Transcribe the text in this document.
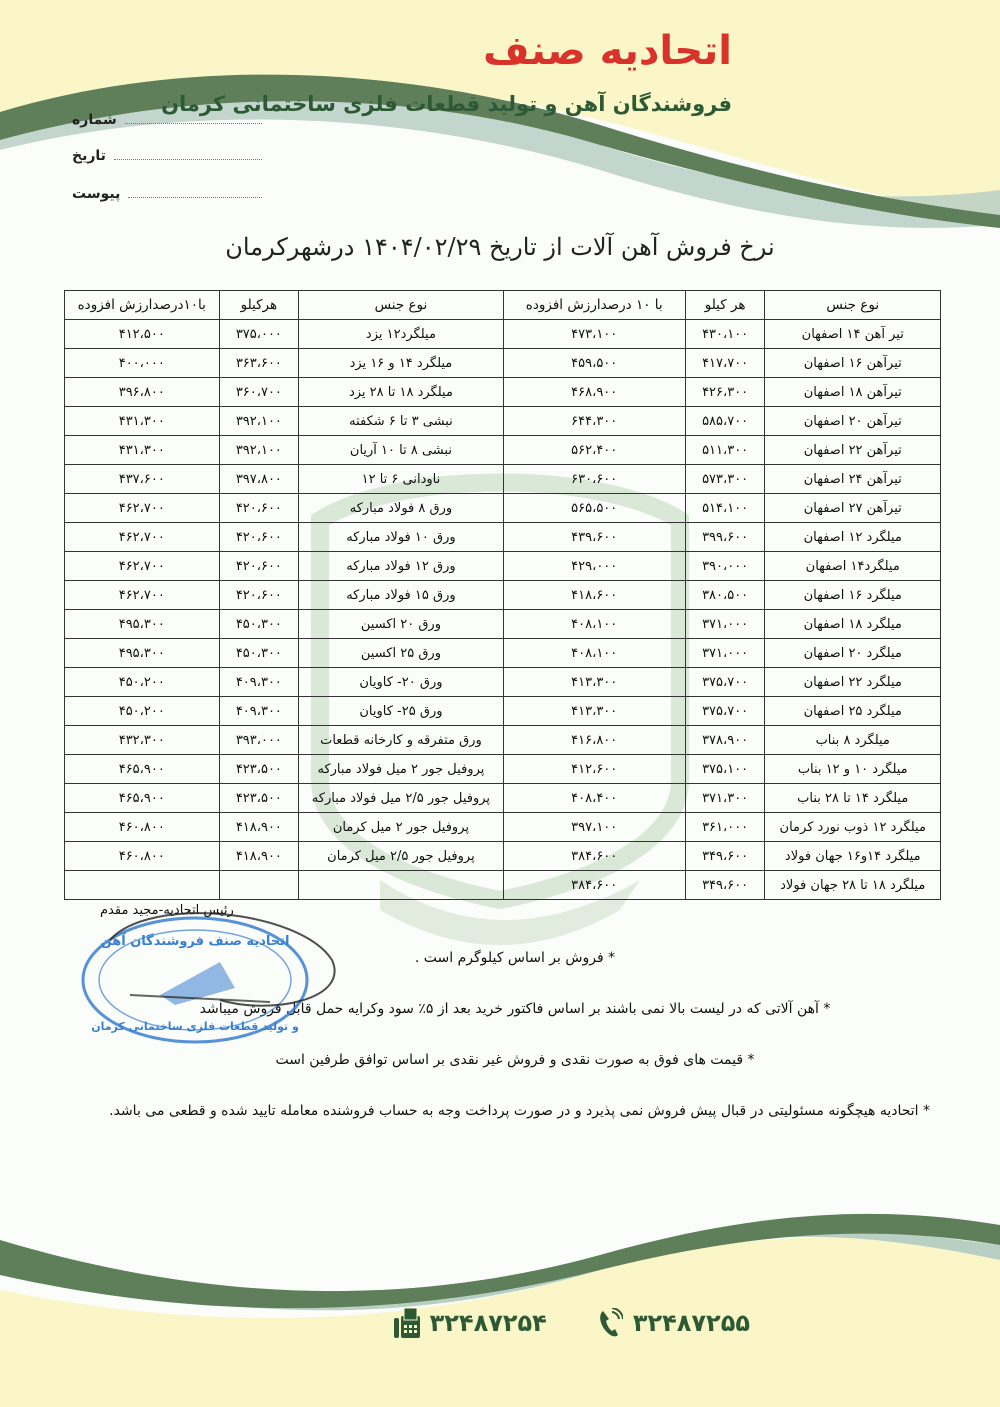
اتحادیه صنف
فروشندگان آهن و تولید قطعات فلزی ساختمانی کرمان
شماره
تاریخ
پیوست
نرخ فروش آهن آلات از تاریخ ۱۴۰۴/۰۲/۲۹ درشهرکرمان
نوع جنس	هر کیلو	با ۱۰ درصدارزش افزوده	نوع جنس	هرکیلو	با۱۰درصدارزش افزوده
تیر آهن ۱۴ اصفهان	۴۳۰،۱۰۰	۴۷۳،۱۰۰	میلگرد۱۲ یزد	۳۷۵،۰۰۰	۴۱۲،۵۰۰
تیرآهن ۱۶ اصفهان	۴۱۷،۷۰۰	۴۵۹،۵۰۰	میلگرد ۱۴ و ۱۶ یزد	۳۶۳،۶۰۰	۴۰۰،۰۰۰
تیرآهن ۱۸ اصفهان	۴۲۶،۳۰۰	۴۶۸،۹۰۰	میلگرد ۱۸ تا ۲۸ یزد	۳۶۰،۷۰۰	۳۹۶،۸۰۰
تیرآهن ۲۰ اصفهان	۵۸۵،۷۰۰	۶۴۴،۳۰۰	نبشی ۳ تا ۶ شکفته	۳۹۲،۱۰۰	۴۳۱،۳۰۰
تیرآهن ۲۲ اصفهان	۵۱۱،۳۰۰	۵۶۲،۴۰۰	نبشی ۸ تا ۱۰ آریان	۳۹۲،۱۰۰	۴۳۱،۳۰۰
تیرآهن ۲۴ اصفهان	۵۷۳،۳۰۰	۶۳۰،۶۰۰	ناودانی ۶ تا ۱۲	۳۹۷،۸۰۰	۴۳۷،۶۰۰
تیرآهن ۲۷ اصفهان	۵۱۴،۱۰۰	۵۶۵،۵۰۰	ورق ۸ فولاد مبارکه	۴۲۰،۶۰۰	۴۶۲،۷۰۰
میلگرد ۱۲ اصفهان	۳۹۹،۶۰۰	۴۳۹،۶۰۰	ورق ۱۰ فولاد مبارکه	۴۲۰،۶۰۰	۴۶۲،۷۰۰
میلگرد۱۴ اصفهان	۳۹۰،۰۰۰	۴۲۹،۰۰۰	ورق ۱۲ فولاد مبارکه	۴۲۰،۶۰۰	۴۶۲،۷۰۰
میلگرد ۱۶ اصفهان	۳۸۰،۵۰۰	۴۱۸،۶۰۰	ورق ۱۵ فولاد مبارکه	۴۲۰،۶۰۰	۴۶۲،۷۰۰
میلگرد ۱۸ اصفهان	۳۷۱،۰۰۰	۴۰۸،۱۰۰	ورق ۲۰ اکسین	۴۵۰،۳۰۰	۴۹۵،۳۰۰
میلگرد ۲۰ اصفهان	۳۷۱،۰۰۰	۴۰۸،۱۰۰	ورق ۲۵ اکسین	۴۵۰،۳۰۰	۴۹۵،۳۰۰
میلگرد ۲۲ اصفهان	۳۷۵،۷۰۰	۴۱۳،۳۰۰	ورق ۲۰- کاویان	۴۰۹،۳۰۰	۴۵۰،۲۰۰
میلگرد ۲۵ اصفهان	۳۷۵،۷۰۰	۴۱۳،۳۰۰	ورق ۲۵- کاویان	۴۰۹،۳۰۰	۴۵۰،۲۰۰
میلگرد ۸ بناب	۳۷۸،۹۰۰	۴۱۶،۸۰۰	ورق متفرقه و کارخانه قطعات	۳۹۳،۰۰۰	۴۳۲،۳۰۰
میلگرد ۱۰ و ۱۲ بناب	۳۷۵،۱۰۰	۴۱۲،۶۰۰	پروفیل جور ۲ میل فولاد مبارکه	۴۲۳،۵۰۰	۴۶۵،۹۰۰
میلگرد ۱۴ تا ۲۸ بناب	۳۷۱،۳۰۰	۴۰۸،۴۰۰	پروفیل جور ۲/۵ میل فولاد مبارکه	۴۲۳،۵۰۰	۴۶۵،۹۰۰
میلگرد ۱۲ ذوب نورد کرمان	۳۶۱،۰۰۰	۳۹۷،۱۰۰	پروفیل جور ۲ میل کرمان	۴۱۸،۹۰۰	۴۶۰،۸۰۰
میلگرد ۱۴و۱۶ جهان فولاد	۳۴۹،۶۰۰	۳۸۴،۶۰۰	پروفیل جور ۲/۵ میل کرمان	۴۱۸،۹۰۰	۴۶۰،۸۰۰
میلگرد ۱۸ تا ۲۸ جهان فولاد	۳۴۹،۶۰۰	۳۸۴،۶۰۰			
رئیس اتحادیه-مجید مقدم
اتحادیه صنف فروشندگان آهن
و تولید قطعات فلزی ساختمانی کرمان

* فروش بر اساس کیلوگرم است .

* آهن آلاتی که در لیست بالا نمی باشند بر اساس فاکتور خرید بعد از ۵٪ سود وکرایه حمل قابل فروش میباشد

* قیمت های فوق به صورت نقدی و فروش غیر نقدی بر اساس توافق طرفین است

* اتحادیه هیچگونه مسئولیتی در قبال پیش فروش نمی پذیرد و در صورت پرداخت وجه به حساب فروشنده معامله تایید شده و قطعی می باشد.

۳۲۴۸۷۲۵۴	۳۲۴۸۷۲۵۵
